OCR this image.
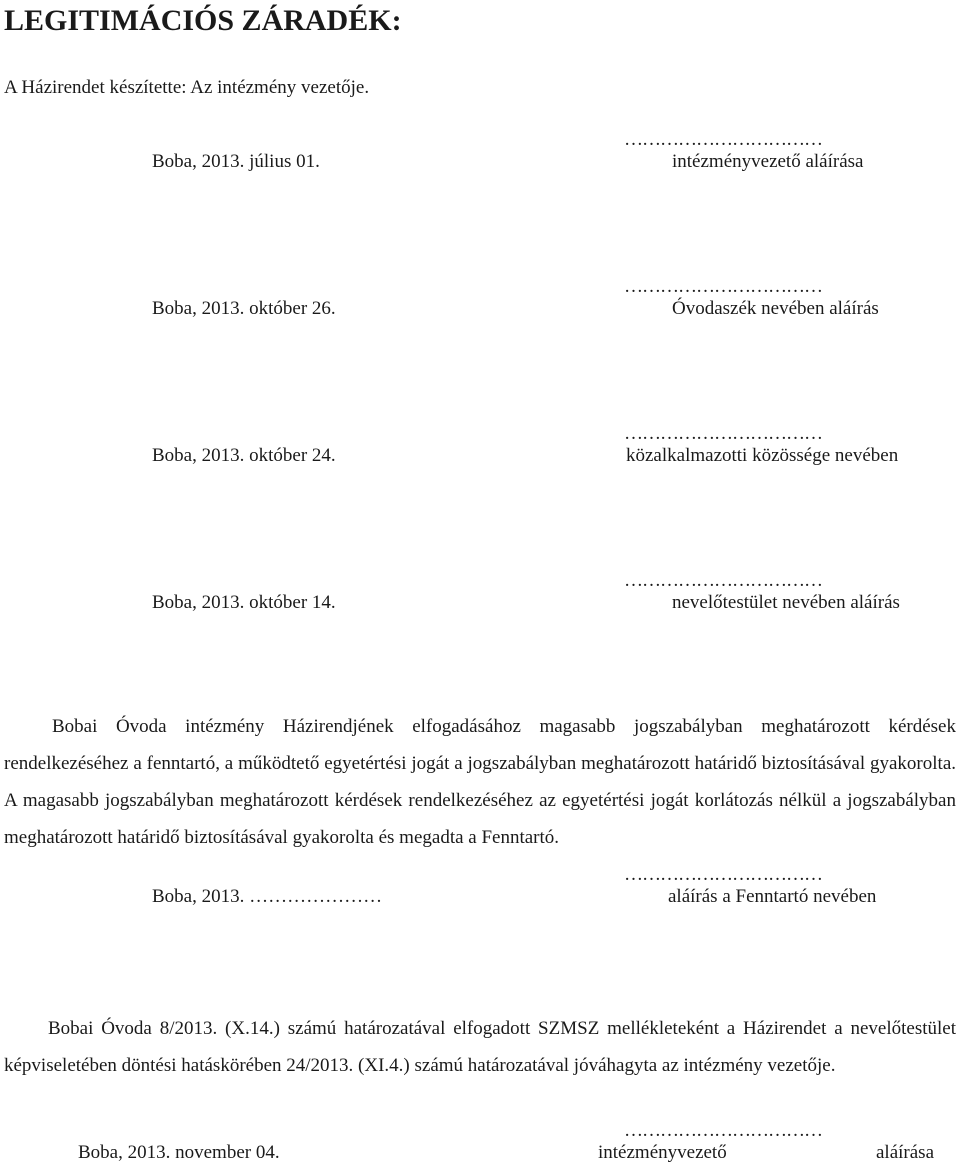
LEGITIMÁCIÓS ZÁRADÉK:
A Házirendet készítette: Az intézmény vezetője.
……………………………
Boba, 2013. július 01.	intézményvezető aláírása
……………………………
Boba, 2013. október 26.	Óvodaszék nevében aláírás
……………………………
Boba, 2013. október 24.	közalkalmazotti közössége nevében
……………………………
Boba, 2013. október 14.	nevelőtestület nevében aláírás
Bobai Óvoda intézmény Házirendjének elfogadásához magasabb jogszabályban meghatározott kérdések rendelkezéséhez a fenntartó, a működtető egyetértési jogát a jogszabályban meghatározott határidő biztosításával gyakorolta. A magasabb jogszabályban meghatározott kérdések rendelkezéséhez az egyetértési jogát korlátozás nélkül a jogszabályban meghatározott határidő biztosításával gyakorolta és megadta a Fenntartó.
……………………………
Boba, 2013. …………………	aláírás a Fenntartó nevében
Bobai Óvoda 8/2013. (X.14.) számú határozatával elfogadott SZMSZ mellékleteként a Házirendet a nevelőtestület képviseletében döntési hatáskörében 24/2013. (XI.4.) számú határozatával jóváhagyta az intézmény vezetője.
……………………………
Boba, 2013. november 04.	intézményvezető	aláírása
